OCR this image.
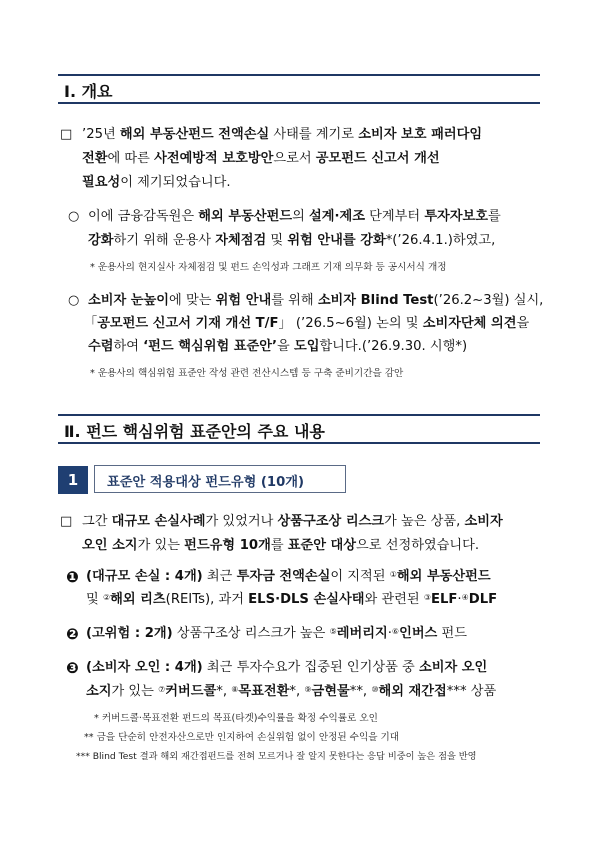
Ⅰ. 개요
□ ’25년 해외 부동산펀드 전액손실 사태를 계기로 소비자 보호 패러다임
전환에 따른 사전예방적 보호방안으로서 공모펀드 신고서 개선
필요성이 제기되었습니다.
○ 이에 금융감독원은 해외 부동산펀드의 설계·제조 단계부터 투자자보호를
강화하기 위해 운용사 자체점검 및 위험 안내를 강화*(’26.4.1.)하였고,
* 운용사의 현지실사 자체점검 및 펀드 손익성과 그래프 기재 의무화 등 공시서식 개정
○ 소비자 눈높이에 맞는 위험 안내를 위해 소비자 Blind Test(’26.2~3월) 실시,
「공모펀드 신고서 기재 개선 T/F」 (’26.5~6월) 논의 및 소비자단체 의견을
수렴하여 ‘펀드 핵심위험 표준안’을 도입합니다.(’26.9.30. 시행*)
* 운용사의 핵심위험 표준안 작성 관련 전산시스템 등 구축 준비기간을 감안
Ⅱ. 펀드 핵심위험 표준안의 주요 내용
1	표준안 적용대상 펀드유형 (10개)
□ 그간 대규모 손실사례가 있었거나 상품구조상 리스크가 높은 상품, 소비자
오인 소지가 있는 펀드유형 10개를 표준안 대상으로 선정하였습니다.
❶ (대규모 손실 : 4개) 최근 투자금 전액손실이 지적된 ①해외 부동산펀드
및 ②해외 리츠(REITs), 과거 ELS·DLS 손실사태와 관련된 ③ELF·④DLF
❷ (고위험 : 2개) 상품구조상 리스크가 높은 ⑤레버리지·⑥인버스 펀드
❸ (소비자 오인 : 4개) 최근 투자수요가 집중된 인기상품 중 소비자 오인
소지가 있는 ⑦커버드콜*, ⑧목표전환*, ⑨금현물**, ⑩해외 재간접*** 상품
* 커버드콜·목표전환 펀드의 목표(타겟)수익률을 확정 수익률로 오인
** 금을 단순히 안전자산으로만 인지하여 손실위험 없이 안정된 수익을 기대
*** Blind Test 결과 해외 재간접펀드를 전혀 모르거나 잘 알지 못한다는 응답 비중이 높은 점을 반영
